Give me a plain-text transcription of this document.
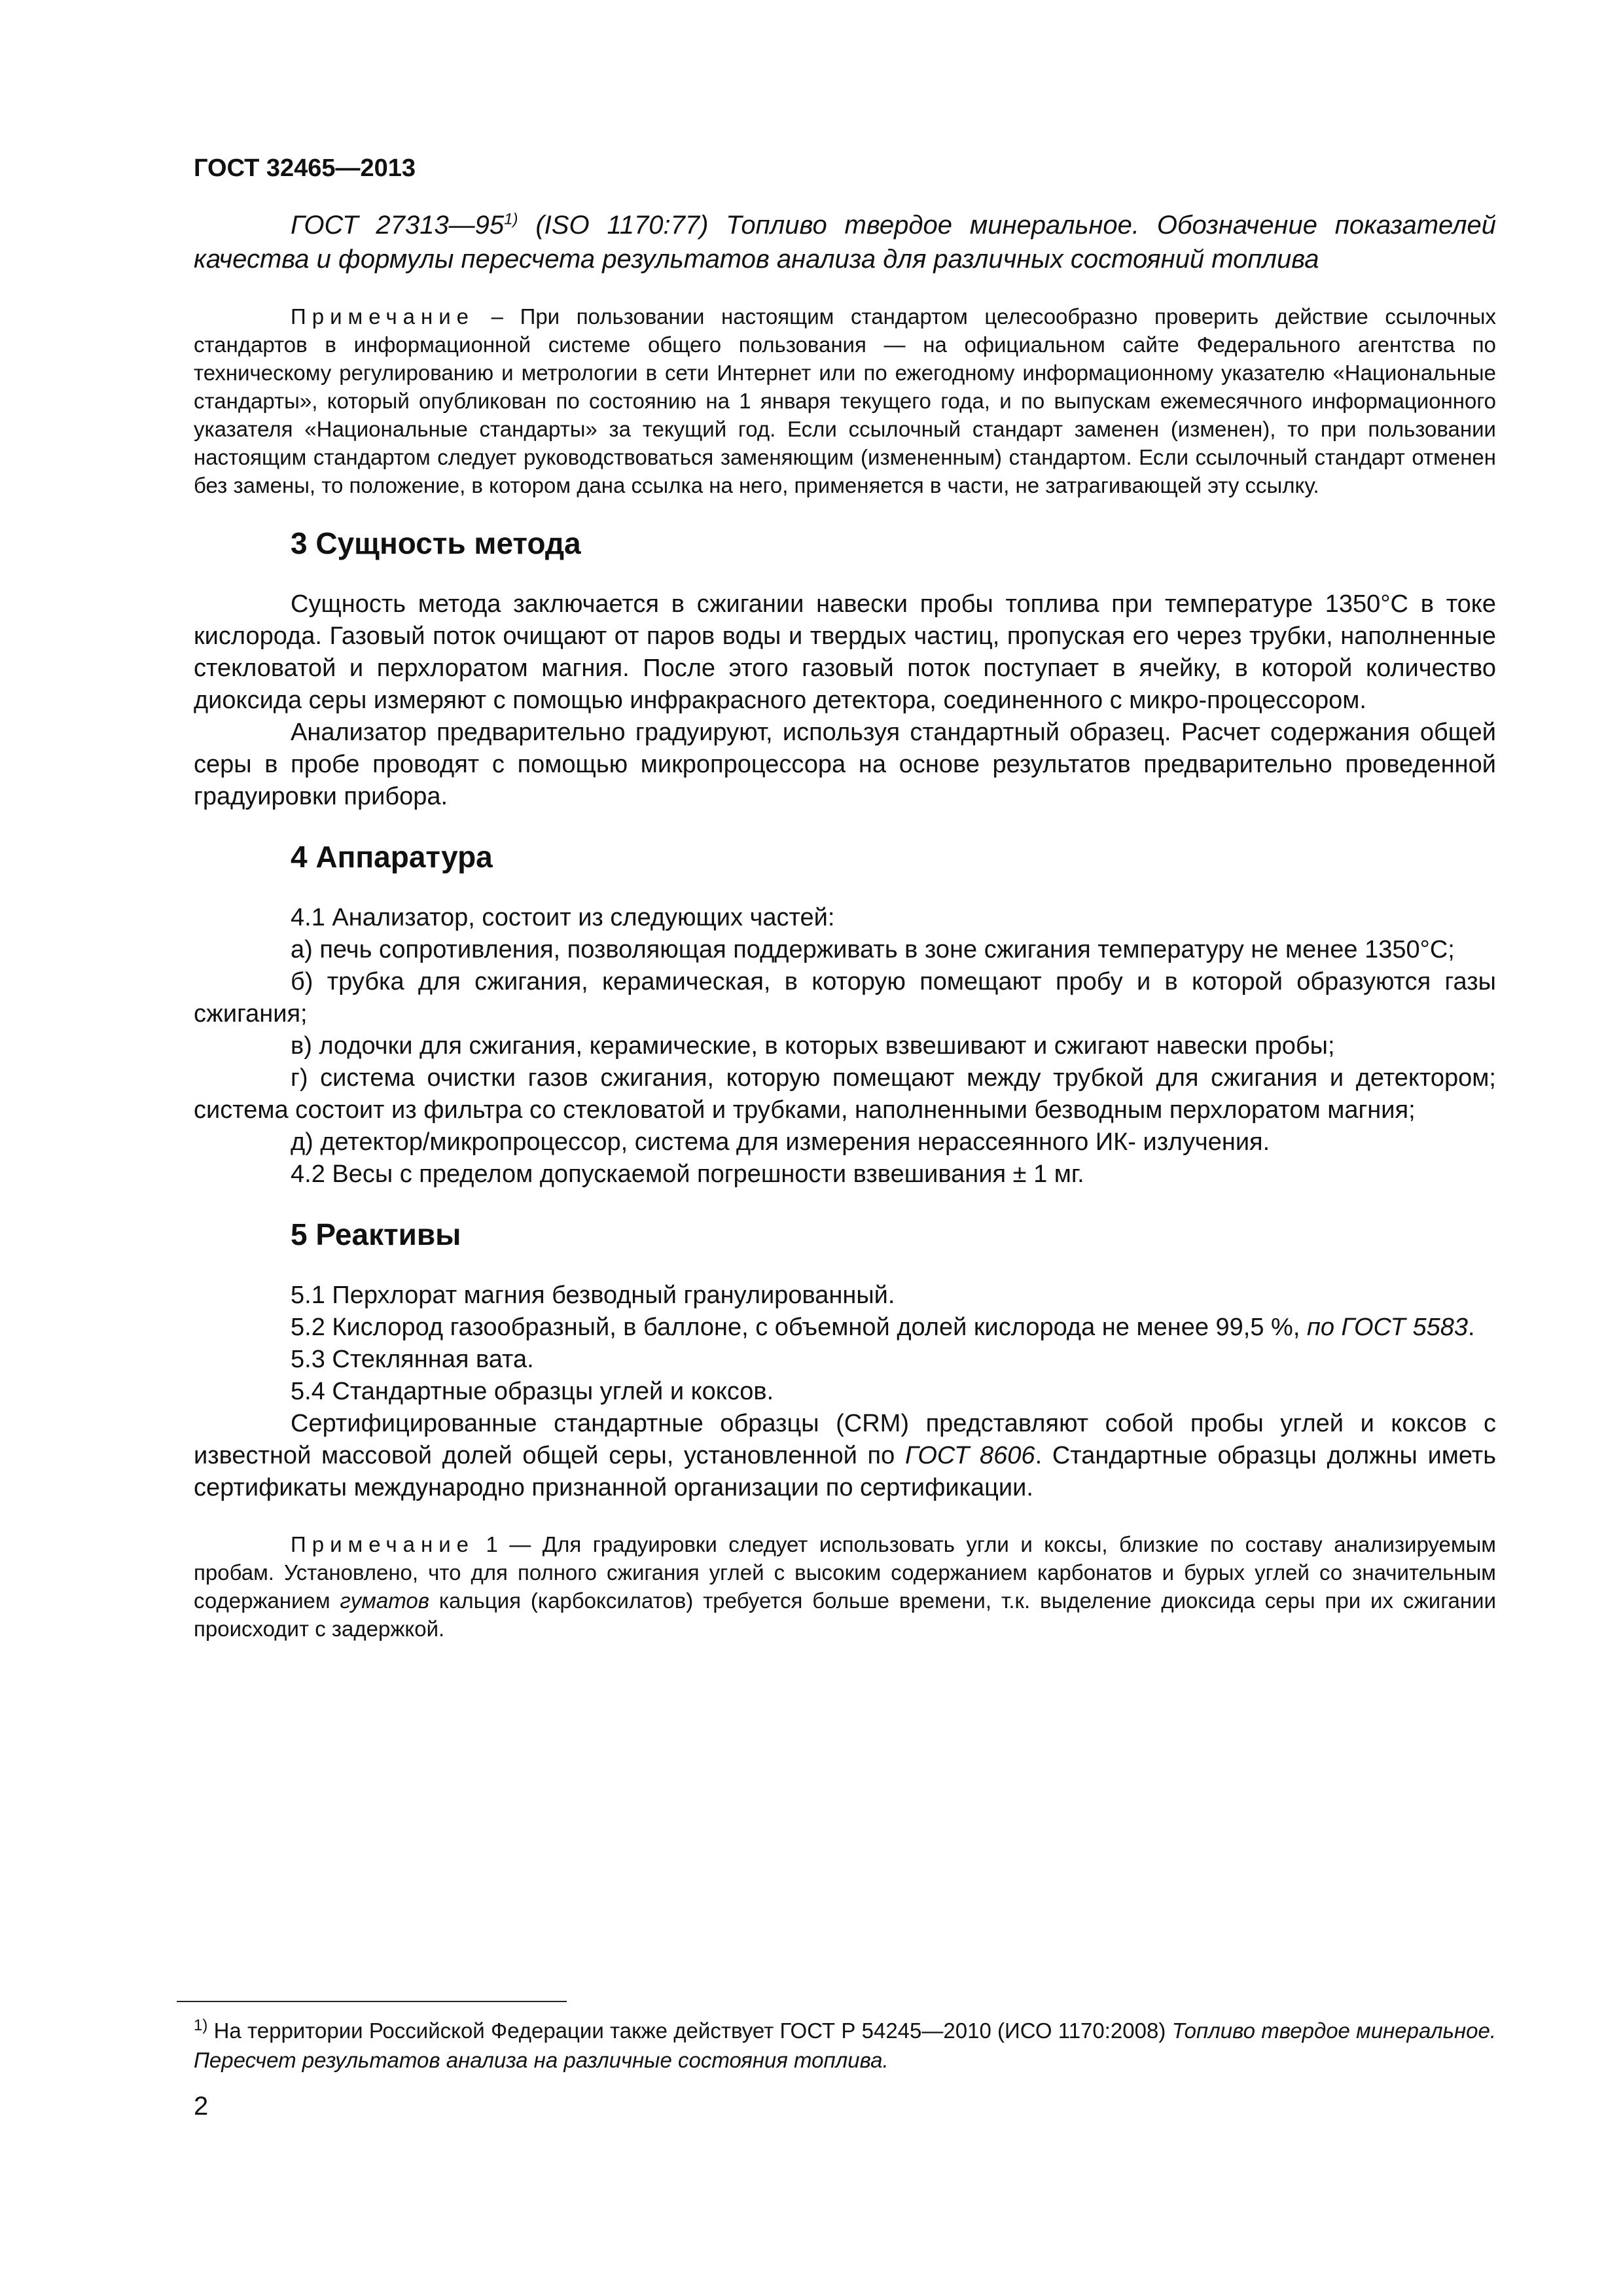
ГОСТ 32465—2013

ГОСТ 27313—95$^{1)}$ (ISO 1170:77) Топливо твердое минеральное. Обозначение показателей качества и формулы пересчета результатов анализа для различных состояний топлива

Примечание – При пользовании настоящим стандартом целесообразно проверить действие ссылочных стандартов в информационной системе общего пользования — на официальном сайте Федерального агентства по техническому регулированию и метрологии в сети Интернет или по ежегодному информационному указателю «Национальные стандарты», который опубликован по состоянию на 1 января текущего года, и по выпускам ежемесячного информационного указателя «Национальные стандарты» за текущий год. Если ссылочный стандарт заменен (изменен), то при пользовании настоящим стандартом следует руководствоваться заменяющим (измененным) стандартом. Если ссылочный стандарт отменен без замены, то положение, в котором дана ссылка на него, применяется в части, не затрагивающей эту ссылку.

3 Сущность метода

Сущность метода заключается в сжигании навески пробы топлива при температуре 1350°С в токе кислорода. Газовый поток очищают от паров воды и твердых частиц, пропуская его через трубки, наполненные стекловатой и перхлоратом магния. После этого газовый поток поступает в ячейку, в которой количество диоксида серы измеряют с помощью инфракрасного детектора, соединенного с микро-процессором.

Анализатор предварительно градуируют, используя стандартный образец. Расчет содержания общей серы в пробе проводят с помощью микропроцессора на основе результатов предварительно проведенной градуировки прибора.

4 Аппаратура

4.1 Анализатор, состоит из следующих частей:

а) печь сопротивления, позволяющая поддерживать в зоне сжигания температуру не менее 1350°С;

б) трубка для сжигания, керамическая, в которую помещают пробу и в которой образуются газы сжигания;

в) лодочки для сжигания, керамические, в которых взвешивают и сжигают навески пробы;

г) система очистки газов сжигания, которую помещают между трубкой для сжигания и детектором; система состоит из фильтра со стекловатой и трубками, наполненными безводным перхлоратом магния;

д) детектор/микропроцессор, система для измерения нерассеянного ИК- излучения.

4.2 Весы с пределом допускаемой погрешности взвешивания ± 1 мг.

5 Реактивы

5.1 Перхлорат магния безводный гранулированный.

5.2 Кислород газообразный, в баллоне, с объемной долей кислорода не менее 99,5 %, по ГОСТ 5583.

5.3 Стеклянная вата.

5.4 Стандартные образцы углей и коксов.

Сертифицированные стандартные образцы (CRM) представляют собой пробы углей и коксов с известной массовой долей общей серы, установленной по ГОСТ 8606. Стандартные образцы должны иметь сертификаты международно признанной организации по сертификации.

Примечание 1 — Для градуировки следует использовать угли и коксы, близкие по составу анализируемым пробам. Установлено, что для полного сжигания углей с высоким содержанием карбонатов и бурых углей со значительным содержанием гуматов кальция (карбоксилатов) требуется больше времени, т.к. выделение диоксида серы при их сжигании происходит с задержкой.

$^{1)}$ На территории Российской Федерации также действует ГОСТ Р 54245—2010 (ИСО 1170:2008) Топливо твердое минеральное. Пересчет результатов анализа на различные состояния топлива.
2
